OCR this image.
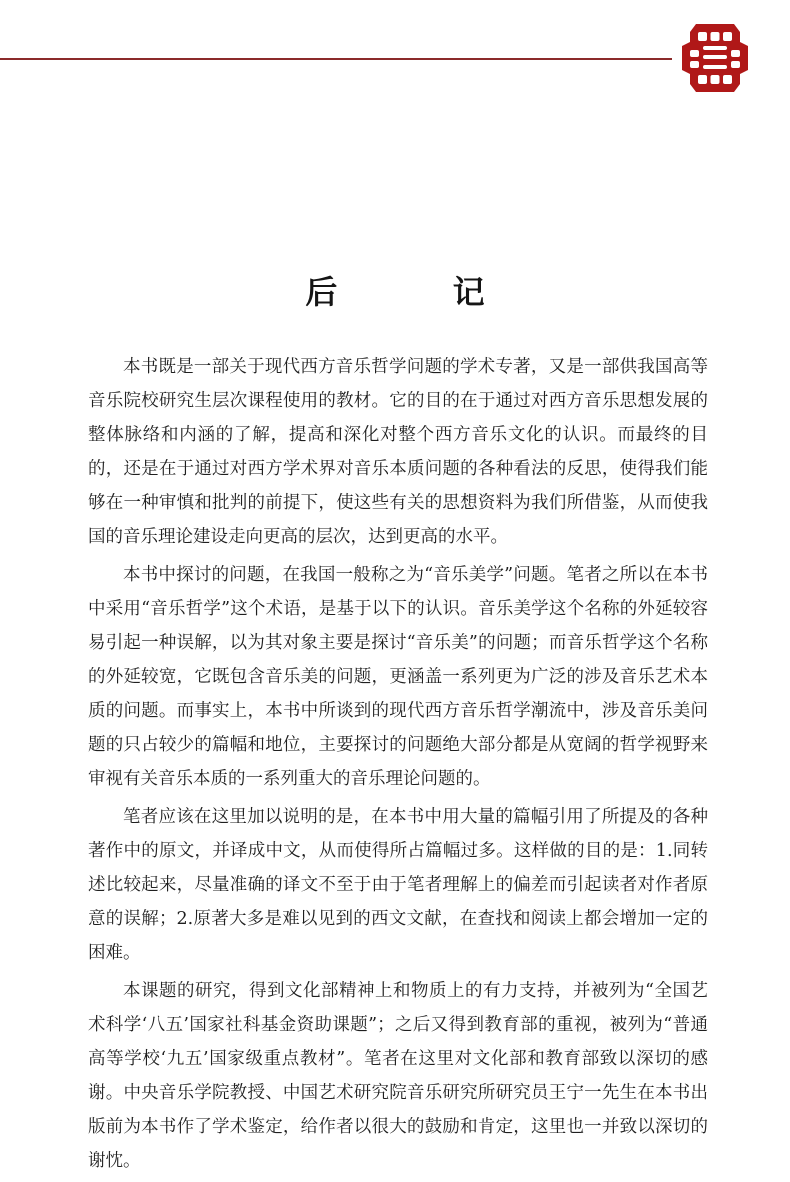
后 记

本书既是一部关于现代西方音乐哲学问题的学术专著，又是一部供我国高等音乐院校研究生层次课程使用的教材。它的目的在于通过对西方音乐思想发展的整体脉络和内涵的了解，提高和深化对整个西方音乐文化的认识。而最终的目的，还是在于通过对西方学术界对音乐本质问题的各种看法的反思，使得我们能够在一种审慎和批判的前提下，使这些有关的思想资料为我们所借鉴，从而使我国的音乐理论建设走向更高的层次，达到更高的水平。

本书中探讨的问题，在我国一般称之为“音乐美学”问题。笔者之所以在本书中采用“音乐哲学”这个术语，是基于以下的认识。音乐美学这个名称的外延较容易引起一种误解，以为其对象主要是探讨“音乐美”的问题；而音乐哲学这个名称的外延较宽，它既包含音乐美的问题，更涵盖一系列更为广泛的涉及音乐艺术本质的问题。而事实上，本书中所谈到的现代西方音乐哲学潮流中，涉及音乐美问题的只占较少的篇幅和地位，主要探讨的问题绝大部分都是从宽阔的哲学视野来审视有关音乐本质的一系列重大的音乐理论问题的。

笔者应该在这里加以说明的是，在本书中用大量的篇幅引用了所提及的各种著作中的原文，并译成中文，从而使得所占篇幅过多。这样做的目的是：1.同转述比较起来，尽量准确的译文不至于由于笔者理解上的偏差而引起读者对作者原意的误解；2.原著大多是难以见到的西文文献，在查找和阅读上都会增加一定的困难。

本课题的研究，得到文化部精神上和物质上的有力支持，并被列为“全国艺术科学‘八五’国家社科基金资助课题”；之后又得到教育部的重视，被列为“普通高等学校‘九五’国家级重点教材”。笔者在这里对文化部和教育部致以深切的感谢。中央音乐学院教授、中国艺术研究院音乐研究所研究员王宁一先生在本书出版前为本书作了学术鉴定，给作者以很大的鼓励和肯定，这里也一并致以深切的谢忱。
